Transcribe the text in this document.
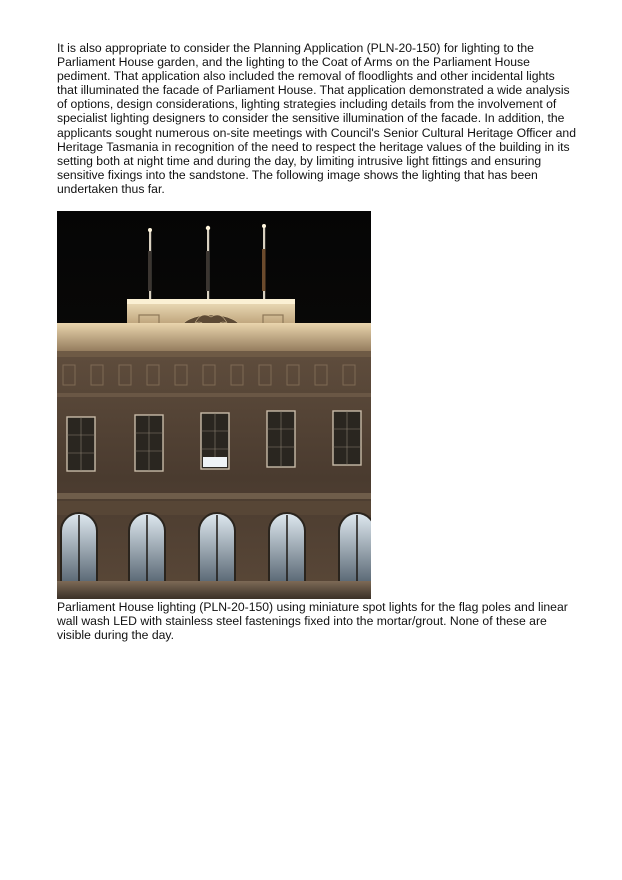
It is also appropriate to consider the Planning Application (PLN-20-150) for lighting to the Parliament House garden, and the lighting to the Coat of Arms on the Parliament House pediment. That application also included the removal of floodlights and other incidental lights that illuminated the facade of Parliament House. That application demonstrated a wide analysis of options, design considerations, lighting strategies including details from the involvement of specialist lighting designers to consider the sensitive illumination of the facade. In addition, the applicants sought numerous on-site meetings with Council's Senior Cultural Heritage Officer and Heritage Tasmania in recognition of the need to respect the heritage values of the building in its setting both at night time and during the day, by limiting intrusive light fittings and ensuring sensitive fixings into the sandstone. The following image shows the lighting that has been undertaken thus far.

Parliament House lighting (PLN-20-150) using miniature spot lights for the flag poles and linear wall wash LED with stainless steel fastenings fixed into the mortar/grout. None of these are visible during the day.
